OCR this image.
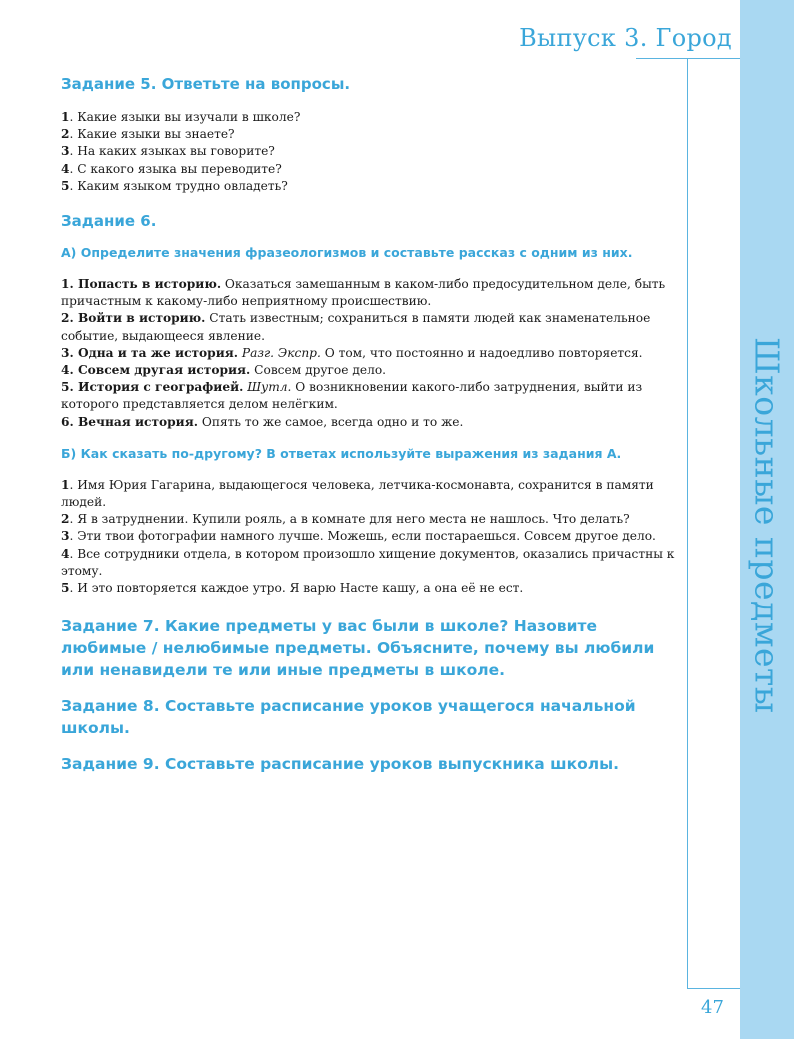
Выпуск 3. Город
Школьные предметы
47

Задание 5. Ответьте на вопросы.

1. Какие языки вы изучали в школе?
2. Какие языки вы знаете?
3. На каких языках вы говорите?
4. С какого языка вы переводите?
5. Каким языком трудно овладеть?

Задание 6.

А) Определите значения фразеологизмов и составьте рассказ с одним из них.

1. Попасть в историю. Оказаться замешанным в каком-либо предосудительном деле, быть причастным к какому-либо неприятному происшествию.
2. Войти в историю. Стать известным; сохраниться в памяти людей как знаменательное событие, выдающееся явление.
3. Одна и та же история. Разг. Экспр. О том, что постоянно и надоедливо повторяется.
4. Совсем другая история. Совсем другое дело.
5. История с географией. Шутл. О возникновении какого-либо затруднения, выйти из которого представляется делом нелёгким.
6. Вечная история. Опять то же самое, всегда одно и то же.

Б) Как сказать по-другому? В ответах используйте выражения из задания А.

1. Имя Юрия Гагарина, выдающегося человека, летчика-космонавта, сохранится в памяти людей.
2. Я в затруднении. Купили рояль, а в комнате для него места не нашлось. Что делать?
3. Эти твои фотографии намного лучше. Можешь, если постараешься. Совсем другое дело.
4. Все сотрудники отдела, в котором произошло хищение документов, оказались причастны к этому.
5. И это повторяется каждое утро. Я варю Насте кашу, а она её не ест.

Задание 7. Какие предметы у вас были в школе? Назовите любимые / нелюбимые предметы. Объясните, почему вы любили или ненавидели те или иные предметы в школе.

Задание 8. Составьте расписание уроков учащегося начальной школы.

Задание 9. Составьте расписание уроков выпускника школы.
